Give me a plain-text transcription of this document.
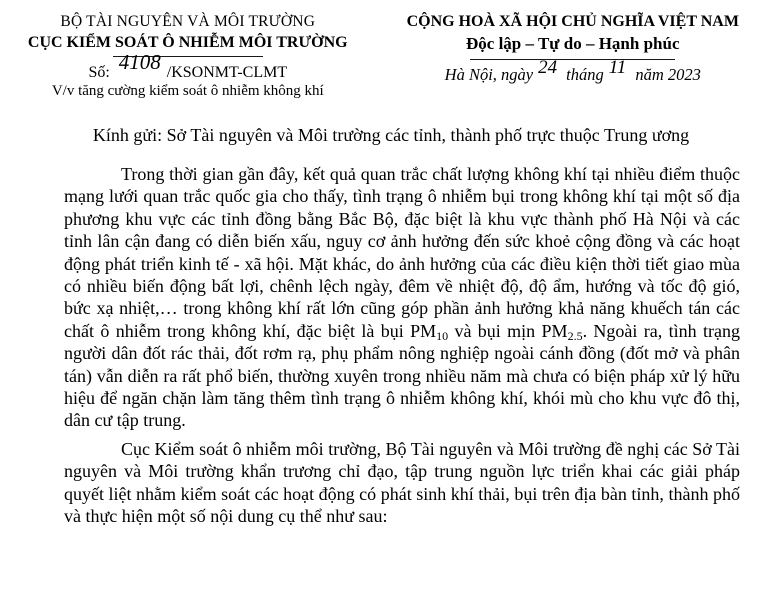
BỘ TÀI NGUYÊN VÀ MÔI TRƯỜNG
CỤC KIỂM SOÁT Ô NHIỄM MÔI TRƯỜNG
Số: 4108 /KSONMT-CLMT
V/v tăng cường kiểm soát ô nhiễm không khí
CỘNG HOÀ XÃ HỘI CHỦ NGHĨA VIỆT NAM
Độc lập – Tự do – Hạnh phúc
Hà Nội, ngày 24 tháng 11 năm 2023
Kính gửi: Sở Tài nguyên và Môi trường các tỉnh, thành phố trực thuộc Trung ương

Trong thời gian gần đây, kết quả quan trắc chất lượng không khí tại nhiều điểm thuộc mạng lưới quan trắc quốc gia cho thấy, tình trạng ô nhiễm bụi trong không khí tại một số địa phương khu vực các tỉnh đồng bằng Bắc Bộ, đặc biệt là khu vực thành phố Hà Nội và các tỉnh lân cận đang có diễn biến xấu, nguy cơ ảnh hưởng đến sức khoẻ cộng đồng và các hoạt động phát triển kinh tế - xã hội. Mặt khác, do ảnh hưởng của các điều kiện thời tiết giao mùa có nhiều biến động bất lợi, chênh lệch ngày, đêm về nhiệt độ, độ ẩm, hướng và tốc độ gió, bức xạ nhiệt,… trong không khí rất lớn cũng góp phần ảnh hưởng khả năng khuếch tán các chất ô nhiễm trong không khí, đặc biệt là bụi $PM_{10}$ và bụi mịn $PM_{2.5}$. Ngoài ra, tình trạng người dân đốt rác thải, đốt rơm rạ, phụ phẩm nông nghiệp ngoài cánh đồng (đốt mở và phân tán) vẫn diễn ra rất phổ biến, thường xuyên trong nhiều năm mà chưa có biện pháp xử lý hữu hiệu để ngăn chặn làm tăng thêm tình trạng ô nhiễm không khí, khói mù cho khu vực đô thị, dân cư tập trung.

Cục Kiểm soát ô nhiễm môi trường, Bộ Tài nguyên và Môi trường đề nghị các Sở Tài nguyên và Môi trường khẩn trương chỉ đạo, tập trung nguồn lực triển khai các giải pháp quyết liệt nhằm kiểm soát các hoạt động có phát sinh khí thải, bụi trên địa bàn tỉnh, thành phố và thực hiện một số nội dung cụ thể như sau:
